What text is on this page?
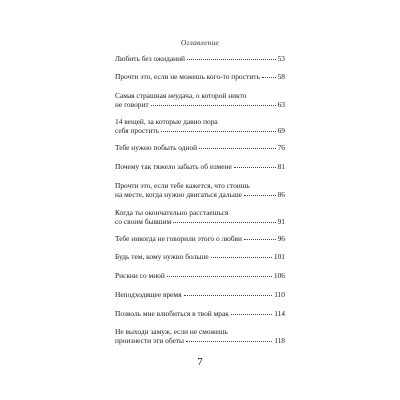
Оглавление
Любить без ожиданий	53
Прочти это, если не можешь кого-то простить 58
Самая страшная неудача, о которой никто
не говорит	63
14 вещей, за которые давно пора
себя простить	69
Тебе нужно побыть одной	76
Почему так тяжело забыть об измене	81
Прочти это, если тебе кажется, что стоишь
на месте, когда нужно двигаться дальше	86
Когда ты окончательно расстаешься
со своим бывшим	91
Тебе никогда не говорили этого о любви	96
Будь тем, кому нужно больше	101
Рискни со мной	106
Неподходящее время	110
Позволь мне влюбиться в твой мрак	114
Не выходи замуж, если не сможешь
произнести эти обеты	118
7
